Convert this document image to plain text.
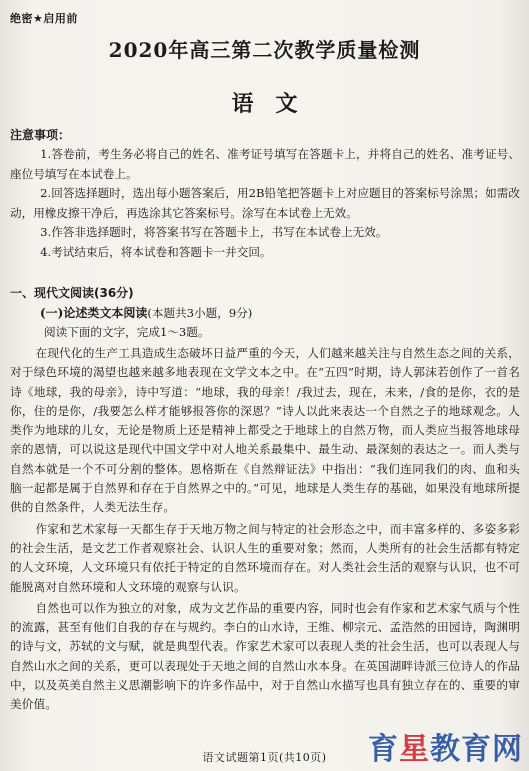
绝密★启用前
2020年高三第二次教学质量检测
语文
注意事项：

1.答卷前，考生务必将自己的姓名、准考证号填写在答题卡上，并将自己的姓名、准考证号、座位号填写在本试卷上。

2.回答选择题时，选出每小题答案后，用2B铅笔把答题卡上对应题目的答案标号涂黑；如需改动，用橡皮擦干净后，再选涂其它答案标号。涂写在本试卷上无效。

3.作答非选择题时，将答案书写在答题卡上，书写在本试卷上无效。

4.考试结束后，将本试卷和答题卡一并交回。

一、现代文阅读(36分)
(一)论述类文本阅读(本题共3小题，9分)
阅读下面的文字，完成1～3题。

在现代化的生产工具造成生态破坏日益严重的今天，人们越来越关注与自然生态之间的关系，对于绿色环境的渴望也越来越多地表现在文学文本之中。在“五四”时期，诗人郭沫若创作了一首名诗《地球，我的母亲》，诗中写道：“地球，我的母亲！/我过去，现在，未来，/食的是你，衣的是你，住的是你，/我要怎么样才能够报答你的深恩？”诗人以此来表达一个自然之子的地球观念。人类作为地球的儿女，无论是物质上还是精神上都受之于地球上的自然万物，而人类应当报答地球母亲的恩情，可以说这是现代中国文学中对人地关系最集中、最生动、最深刻的表达之一。而人类与自然本就是一个不可分割的整体。恩格斯在《自然辩证法》中指出：“我们连同我们的肉、血和头脑一起都是属于自然界和存在于自然界之中的。”可见，地球是人类生存的基础，如果没有地球所提供的自然条件，人类无法生存。

作家和艺术家每一天都生存于天地万物之间与特定的社会形态之中，而丰富多样的、多姿多彩的社会生活，是文艺工作者观察社会、认识人生的重要对象；然而，人类所有的社会生活都有特定的人文环境，人文环境只有依托于特定的自然环境而存在。对人类社会生活的观察与认识，也不可能脱离对自然环境和人文环境的观察与认识。

自然也可以作为独立的对象，成为文艺作品的重要内容，同时也会有作家和艺术家气质与个性的流露，甚至有他们自我的存在与规约。李白的山水诗，王维、柳宗元、孟浩然的田园诗，陶渊明的诗与文，苏轼的文与赋，就是典型代表。作家艺术家可以表现人类的社会生活，也可以表现人与自然山水之间的关系，更可以表现处于天地之间的自然山水本身。在英国湖畔诗派三位诗人的作品中，以及英美自然主义思潮影响下的许多作品中，对于自然山水描写也具有独立存在的、重要的审美价值。

语文试题第1页(共10页)	育星教育网
